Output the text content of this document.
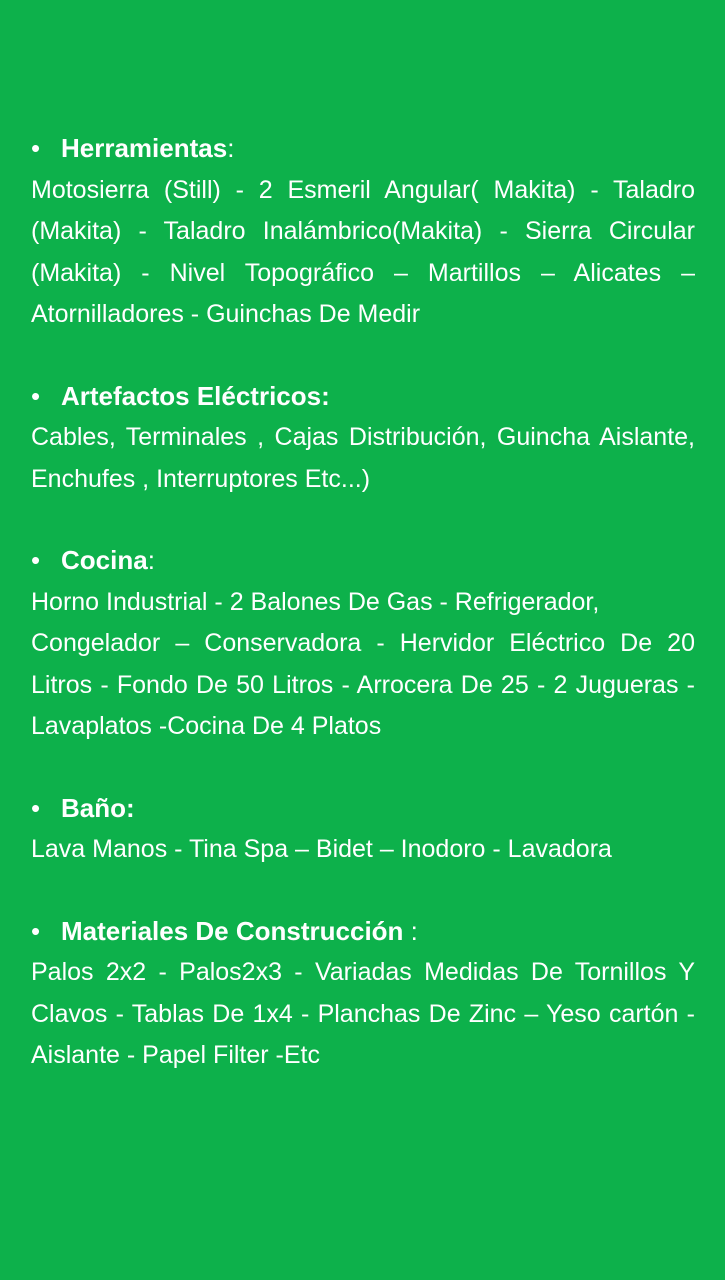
• Herramientas:

Motosierra (Still) - 2 Esmeril Angular( Makita) - Taladro (Makita) - Taladro Inalámbrico(Makita) - Sierra Circular (Makita) - Nivel Topográfico – Martillos – Alicates –Atornilladores - Guinchas De Medir

• Artefactos Eléctricos:

Cables, Terminales , Cajas Distribución, Guincha Aislante, Enchufes , Interruptores Etc...)

• Cocina:

Horno Industrial - 2 Balones De Gas - Refrigerador,

Congelador – Conservadora - Hervidor Eléctrico De 20 Litros - Fondo De 50 Litros - Arrocera De 25 - 2 Jugueras - Lavaplatos -Cocina De 4 Platos

• Baño:

Lava Manos - Tina Spa – Bidet – Inodoro - Lavadora

• Materiales De Construcción :

Palos 2x2 - Palos2x3 - Variadas Medidas De Tornillos Y Clavos - Tablas De 1x4 - Planchas De Zinc – Yeso cartón - Aislante - Papel Filter -Etc
